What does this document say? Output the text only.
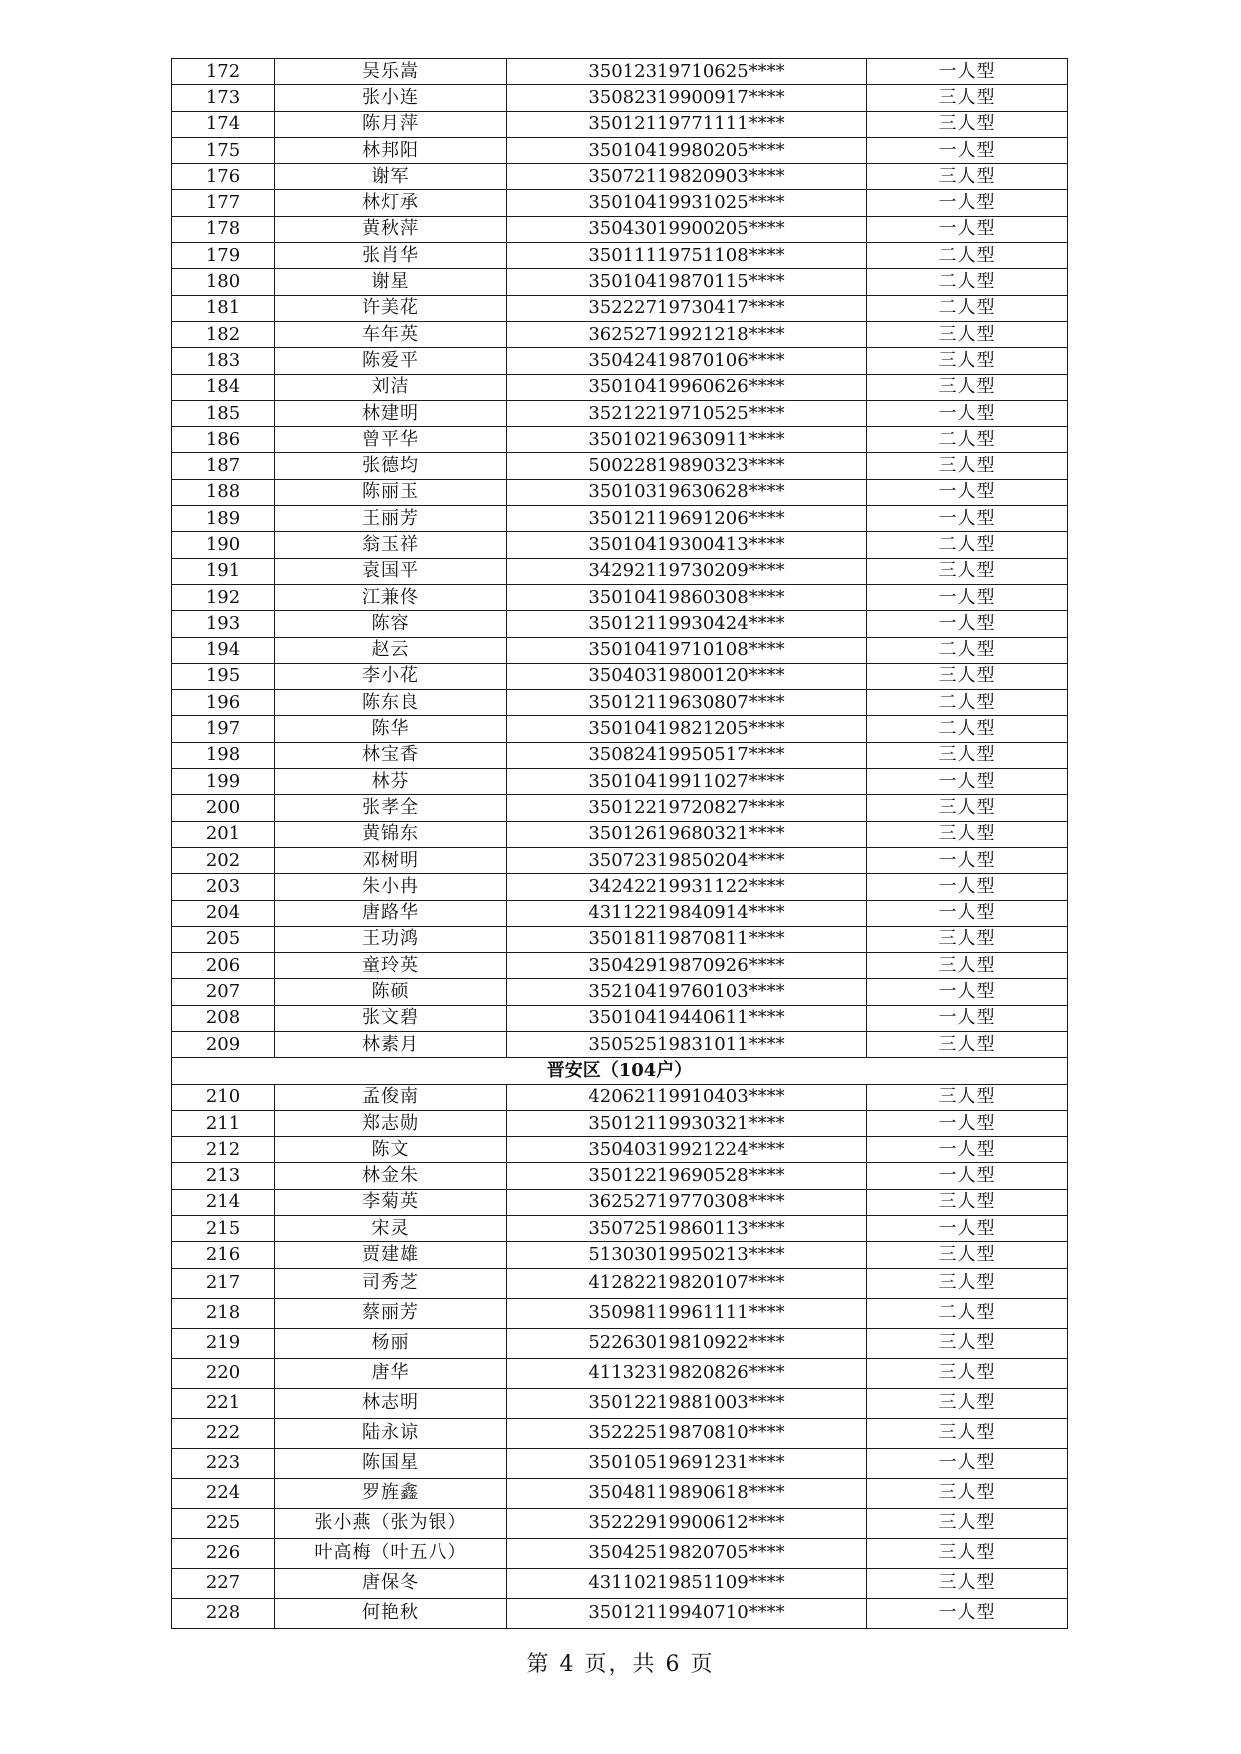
172	吴乐嵩	35012319710625****	一人型
173	张小连	35082319900917****	三人型
174	陈月萍	35012119771111****	三人型
175	林邦阳	35010419980205****	一人型
176	谢军	35072119820903****	三人型
177	林灯承	35010419931025****	一人型
178	黄秋萍	35043019900205****	一人型
179	张肖华	35011119751108****	二人型
180	谢星	35010419870115****	二人型
181	许美花	35222719730417****	二人型
182	车年英	36252719921218****	三人型
183	陈爱平	35042419870106****	三人型
184	刘洁	35010419960626****	三人型
185	林建明	35212219710525****	一人型
186	曾平华	35010219630911****	二人型
187	张德均	50022819890323****	三人型
188	陈丽玉	35010319630628****	一人型
189	王丽芳	35012119691206****	一人型
190	翁玉祥	35010419300413****	二人型
191	袁国平	34292119730209****	三人型
192	江兼佟	35010419860308****	一人型
193	陈容	35012119930424****	一人型
194	赵云	35010419710108****	二人型
195	李小花	35040319800120****	三人型
196	陈东良	35012119630807****	二人型
197	陈华	35010419821205****	二人型
198	林宝香	35082419950517****	三人型
199	林芬	35010419911027****	一人型
200	张孝全	35012219720827****	三人型
201	黄锦东	35012619680321****	三人型
202	邓树明	35072319850204****	一人型
203	朱小冉	34242219931122****	一人型
204	唐路华	43112219840914****	一人型
205	王功鸿	35018119870811****	三人型
206	童玲英	35042919870926****	三人型
207	陈硕	35210419760103****	一人型
208	张文碧	35010419440611****	一人型
209	林素月	35052519831011****	三人型
晋安区（104户）			
210	孟俊南	42062119910403****	三人型
211	郑志勋	35012119930321****	一人型
212	陈文	35040319921224****	一人型
213	林金朱	35012219690528****	一人型
214	李菊英	36252719770308****	三人型
215	宋灵	35072519860113****	一人型
216	贾建雄	51303019950213****	三人型
217	司秀芝	41282219820107****	三人型
218	蔡丽芳	35098119961111****	二人型
219	杨丽	52263019810922****	三人型
220	唐华	41132319820826****	三人型
221	林志明	35012219881003****	三人型
222	陆永谅	35222519870810****	三人型
223	陈国星	35010519691231****	一人型
224	罗旌鑫	35048119890618****	三人型
225	张小燕（张为银）	35222919900612****	三人型
226	叶高梅（叶五八）	35042519820705****	三人型
227	唐保冬	43110219851109****	三人型
228	何艳秋	35012119940710****	一人型
第 4 页，共 6 页
